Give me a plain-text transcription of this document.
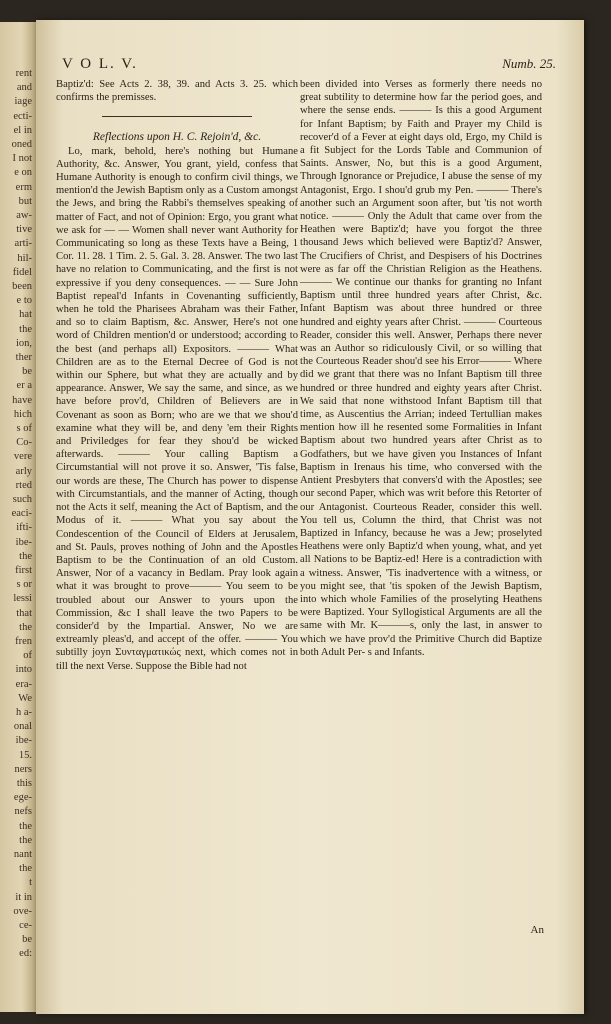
rent
and
iage
ecti-
el in
oned
I not
e on
erm
but
aw-
tive
arti-
hil-
fidel
been
e to
hat
the
ion,
ther
be
er a
have
hich
s of
Co-
vere
arly
rted
such
eaci-
ifti-
ibe-
the
first
s or
lessi
that
the
fren
of
into
era-
We
h a-
onal
ibe-
15.
ners
this
ege-
nefs
the
the
nant
the
t
it in
ove-
ce-
be
ed:
V O L. V.	Numb. 25.

Baptiz'd: See Acts 2. 38, 39. and Acts 3. 25. which confirms the premisses.

Reflections upon H. C. Rejoin'd, &c.

Lo, mark, behold, here's nothing but Humane Authority, &c. Answer, You grant, yield, confess that Humane Authority is enough to confirm civil things, we mention'd the Jewish Baptism only as a Custom amongst the Jews, and bring the Rabbi's themselves speaking of matter of Fact, and not of Opinion: Ergo, you grant what we ask for — — Women shall never want Authority for Communicating so long as these Texts have a Being, 1 Cor. 11. 28. 1 Tim. 2. 5. Gal. 3. 28. Answer. The two last have no relation to Communicating, and the first is not expressive if you deny consequences. — — Sure John Baptist repeal'd Infants in Covenanting sufficiently, when he told the Pharisees Abraham was their Father, and so to claim Baptism, &c. Answer, Here's not one word of Children mention'd or understood; according to the best (and perhaps all) Expositors. ——— What Children are as to the Eternal Decree of God is not within our Sphere, but what they are actually and by appearance. Answer, We say the same, and since, as we have before prov'd, Children of Believers are in Covenant as soon as Born; who are we that we shou'd examine what they will be, and deny 'em their Rights and Priviledges for fear they shou'd be wicked afterwards. ——— Your calling Baptism a Circumstantial will not prove it so. Answer, 'Tis false, our words are these, The Church has power to dispense with Circumstantials, and the manner of Acting, though not the Acts it self, meaning the Act of Baptism, and the Modus of it. ——— What you say about the Condescention of the Council of Elders at Jerusalem, and St. Pauls, proves nothing of John and the Apostles Baptism to be the Continuation of an old Custom. Answer, Nor of a vacancy in Bedlam. Pray look again what it was brought to prove——— You seem to be troubled about our Answer to yours upon the Commission, &c I shall leave the two Papers to be consider'd by the Impartial. Answer, No we are extreamly pleas'd, and accept of the offer. ——— You subtilly joyn Συνταγματικώς next, which comes not in till the next Verse. Suppose the Bible had not

been divided into Verses as formerly there needs no great subtility to determine how far the period goes, and where the sense ends. ——— Is this a good Argument for Infant Baptism; by Faith and Prayer my Child is recover'd of a Fever at eight days old, Ergo, my Child is a fit Subject for the Lords Table and Communion of Saints. Answer, No, but this is a good Argument, Through Ignorance or Prejudice, I abuse the sense of my Antagonist, Ergo. I shou'd grub my Pen. ——— There's another such an Argument soon after, but 'tis not worth notice. ——— Only the Adult that came over from the Heathen were Baptiz'd; have you forgot the three thousand Jews which believed were Baptiz'd? Answer, The Crucifiers of Christ, and Despisers of his Doctrines were as far off the Christian Religion as the Heathens. ——— We continue our thanks for granting no Infant Baptism until three hundred years after Christ, &c. Infant Baptism was about three hundred or three hundred and eighty years after Christ. ——— Courteous Reader, consider this well. Answer, Perhaps there never was an Author so ridiculously Civil, or so willing that the Courteous Reader shou'd see his Error——— Where did we grant that there was no Infant Baptism till three hundred or three hundred and eighty years after Christ. We said that none withstood Infant Baptism till that time, as Auscentius the Arrian; indeed Tertullian makes mention how ill he resented some Formalities in Infant Baptism about two hundred years after Christ as to Godfathers, but we have given you Instances of Infant Baptism in Irenaus his time, who conversed with the Antient Presbyters that convers'd with the Apostles; see our second Paper, which was writ before this Retorter of our Antagonist. Courteous Reader, consider this well. You tell us, Column the third, that Christ was not Baptized in Infancy, because he was a Jew; proselyted Heathens were only Baptiz'd when young, what, and yet all Nations to be Baptiz-ed! Here is a contradiction with a witness. Answer, 'Tis inadvertence with a witness, or you might see, that 'tis spoken of the Jewish Baptism, into which whole Families of the proselyting Heathens were Baptized. Your Syllogistical Arguments are all the same with Mr. K———s, only the last, in answer to which we have prov'd the Primitive Church did Baptize both Adult Per- s and Infants.

An
